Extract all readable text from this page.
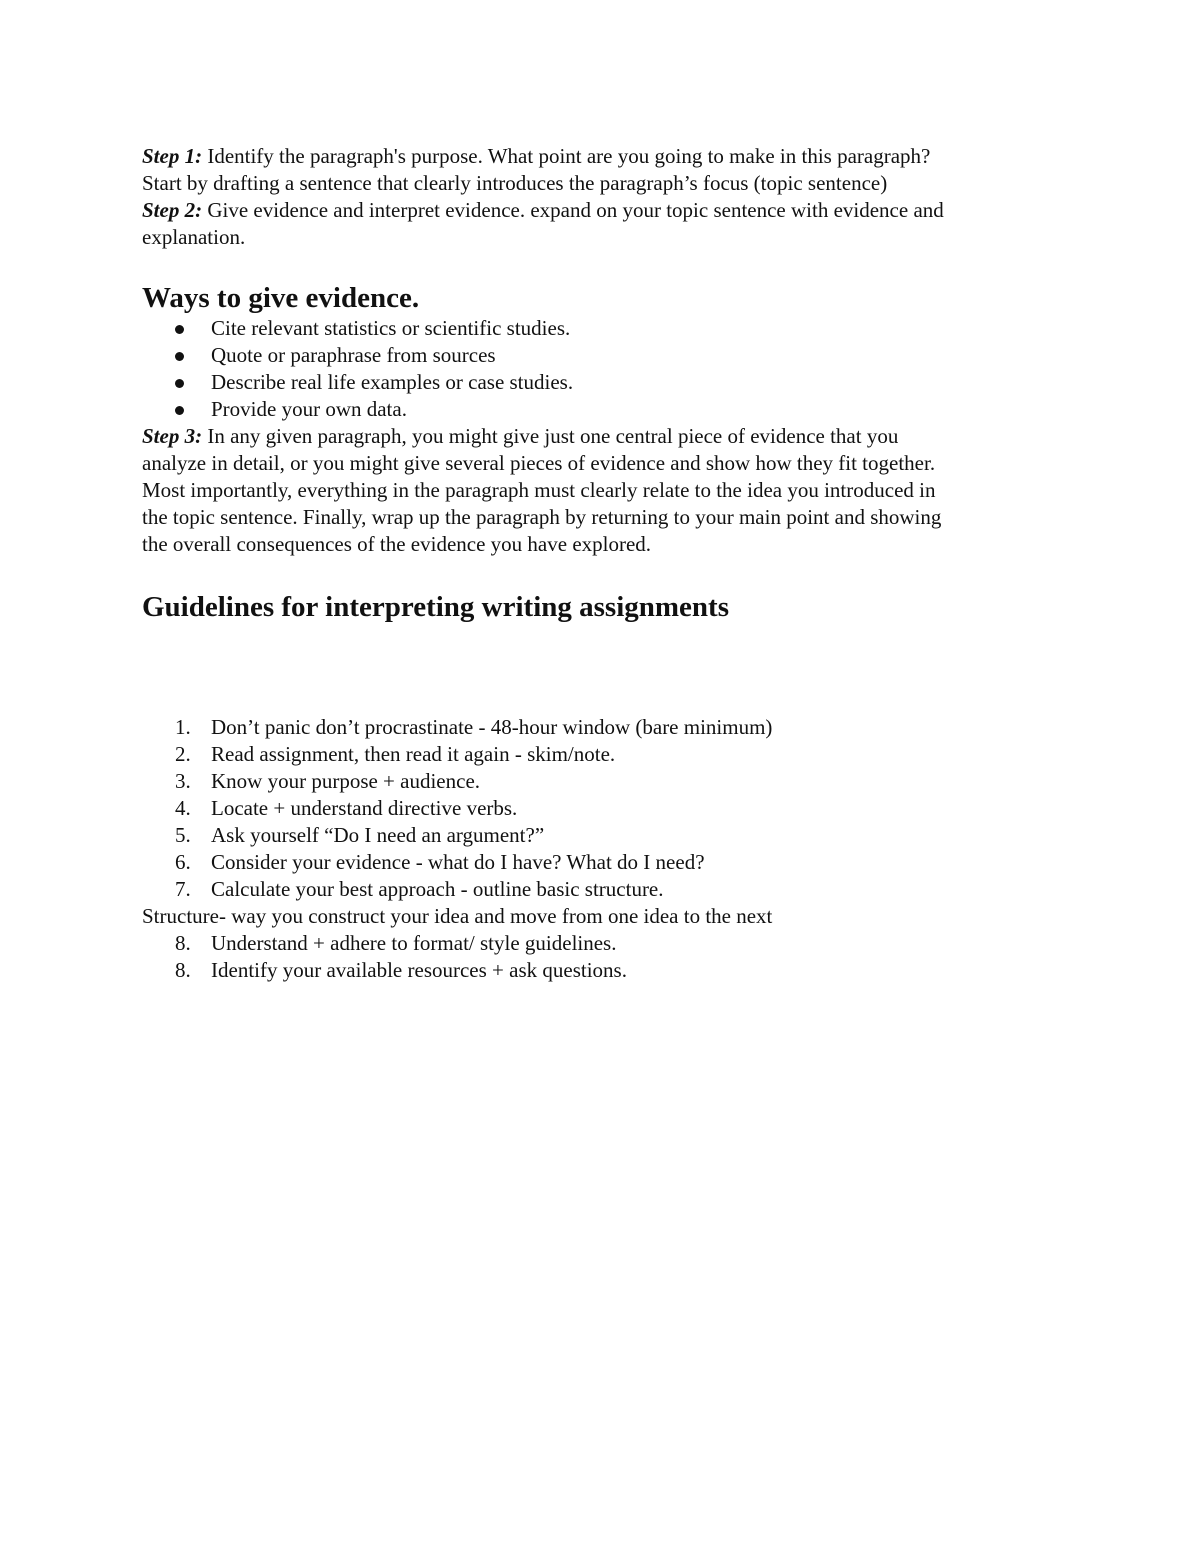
Step 1: Identify the paragraph's purpose. What point are you going to make in this paragraph?

Start by drafting a sentence that clearly introduces the paragraph’s focus (topic sentence)

Step 2: Give evidence and interpret evidence. expand on your topic sentence with evidence and

explanation.

Ways to give evidence.
Cite relevant statistics or scientific studies.
Quote or paraphrase from sources
Describe real life examples or case studies.
Provide your own data.

Step 3: In any given paragraph, you might give just one central piece of evidence that you

analyze in detail, or you might give several pieces of evidence and show how they fit together.

Most importantly, everything in the paragraph must clearly relate to the idea you introduced in

the topic sentence. Finally, wrap up the paragraph by returning to your main point and showing

the overall consequences of the evidence you have explored.

Guidelines for interpreting writing assignments
1. Don’t panic don’t procrastinate - 48-hour window (bare minimum)
2. Read assignment, then read it again - skim/note.
3. Know your purpose + audience.
4. Locate + understand directive verbs.
5. Ask yourself “Do I need an argument?”
6. Consider your evidence - what do I have? What do I need?
7. Calculate your best approach - outline basic structure.

Structure- way you construct your idea and move from one idea to the next

8. Understand + adhere to format/ style guidelines.
8. Identify your available resources + ask questions.
